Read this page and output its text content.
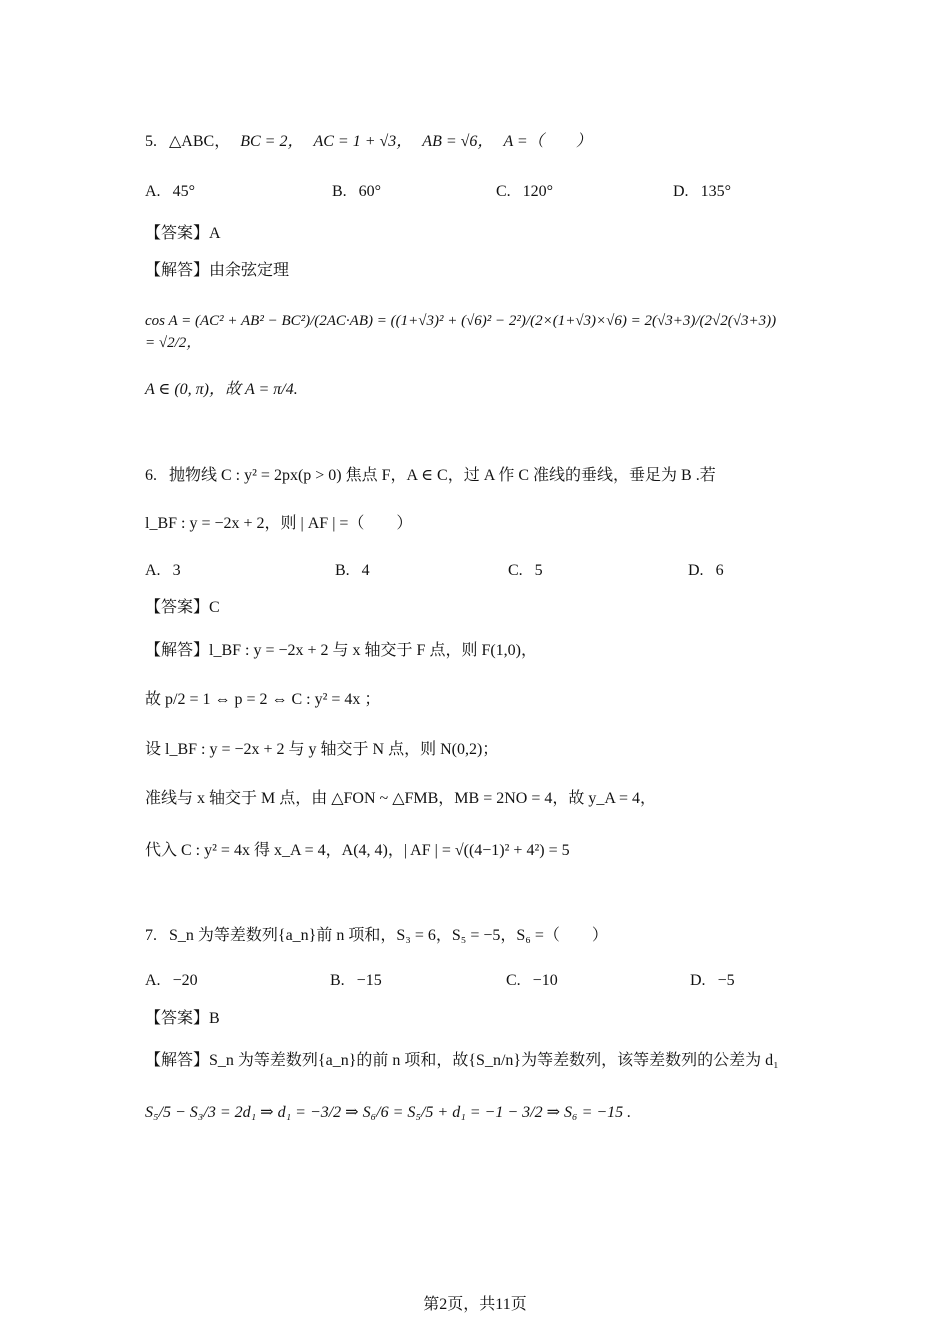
5. △ABC， BC = 2， AC = 1 + √3， AB = √6， A =（　　）
A. 45°	B. 60°	C. 120°	D. 135°
【答案】A
【解答】由余弦定理
cos A = (AC² + AB² − BC²)/(2AC·AB) = ((1+√3)² + (√6)² − 2²)/(2×(1+√3)×√6) = 2(√3+3)/(2√2(√3+3)) = √2/2，
A ∈ (0, π)，故 A = π/4.
6. 抛物线 C : y² = 2px(p > 0) 焦点 F，A ∈ C，过 A 作 C 准线的垂线，垂足为 B .若
l_BF : y = −2x + 2，则 | AF | =（　　）
A. 3	B. 4	C. 5	D. 6
【答案】C
【解答】l_BF : y = −2x + 2 与 x 轴交于 F 点，则 F(1,0)，
故 p/2 = 1 ⇔ p = 2 ⇔ C : y² = 4x ；
设 l_BF : y = −2x + 2 与 y 轴交于 N 点，则 N(0,2)；
准线与 x 轴交于 M 点，由 △FON ~ △FMB，MB = 2NO = 4，故 y_A = 4，
代入 C : y² = 4x 得 x_A = 4，A(4, 4)，| AF | = √((4−1)² + 4²) = 5
7. S_n 为等差数列{a_n}前 n 项和，S₃ = 6，S₅ = −5，S₆ =（　　）
A. −20	B. −15	C. −10	D. −5
【答案】B
【解答】S_n 为等差数列{a_n}的前 n 项和，故{S_n/n}为等差数列，该等差数列的公差为 d₁
S₅/5 − S₃/3 = 2d₁ ⇒ d₁ = −3/2 ⇒ S₆/6 = S₅/5 + d₁ = −1 − 3/2 ⇒ S₆ = −15 .
第2页，共11页
